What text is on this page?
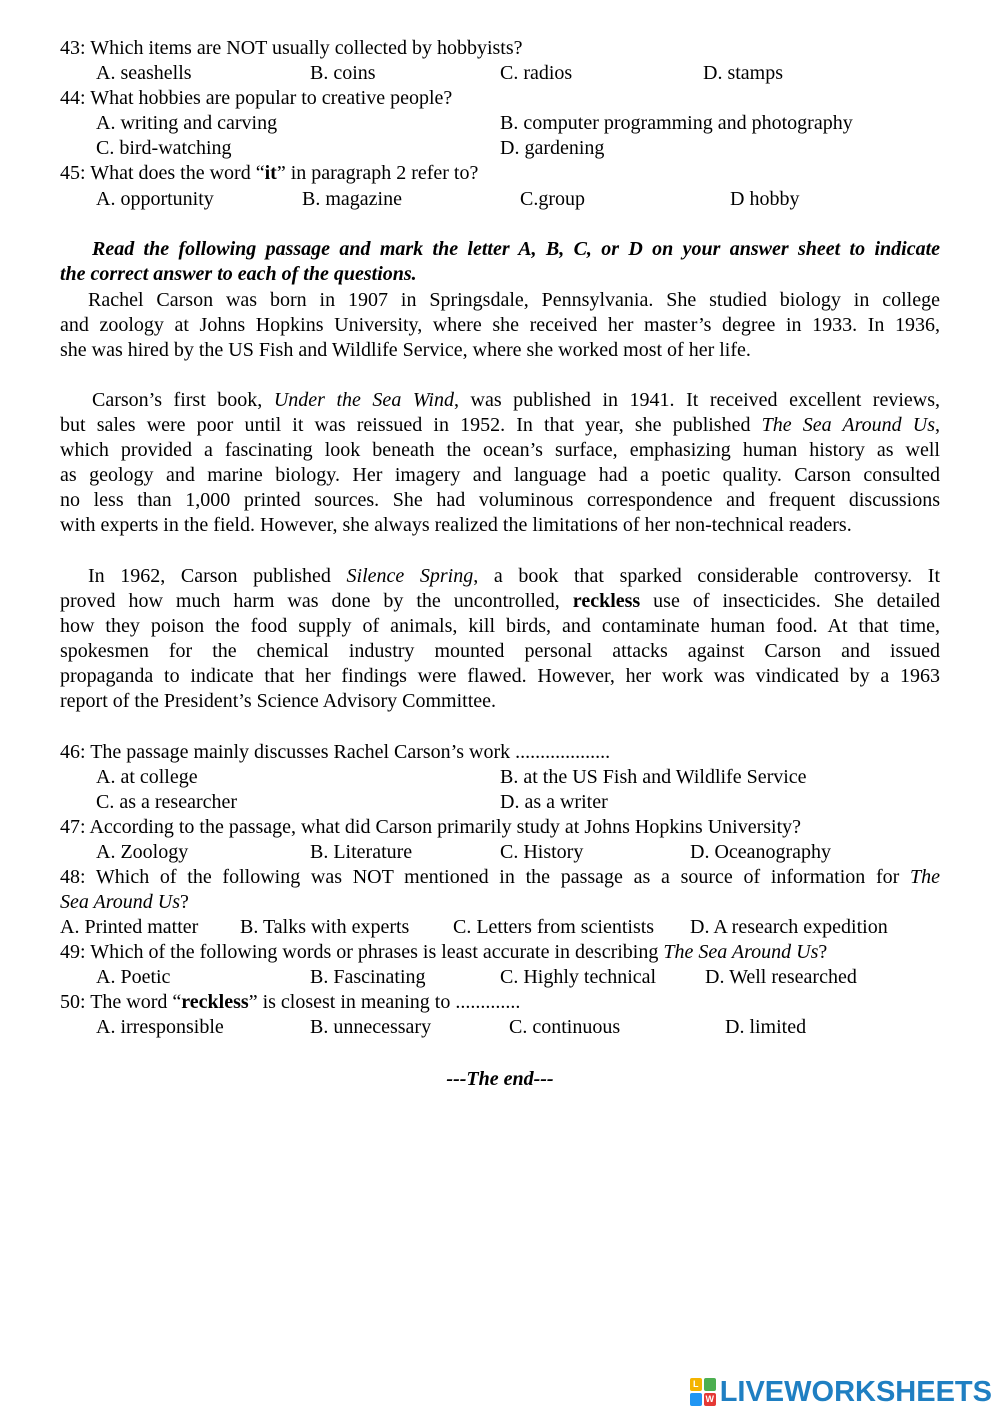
43: Which items are NOT usually collected by hobbyists?
A. seashells	B. coins	C. radios	D. stamps
44: What hobbies are popular to creative people?
A. writing and carving	B. computer programming and photography
C. bird-watching	D. gardening
45: What does the word “it” in paragraph 2 refer to?
A. opportunity	B. magazine	C.group	D hobby
Read the following passage and mark the letter A, B, C, or D on your answer sheet to indicate
the correct answer to each of the questions.
Rachel Carson was born in 1907 in Springsdale, Pennsylvania. She studied biology in college
and zoology at Johns Hopkins University, where she received her master’s degree in 1933. In 1936,
she was hired by the US Fish and Wildlife Service, where she worked most of her life.
Carson’s first book, Under the Sea Wind, was published in 1941. It received excellent reviews,
but sales were poor until it was reissued in 1952. In that year, she published The Sea Around Us,
which provided a fascinating look beneath the ocean’s surface, emphasizing human history as well
as geology and marine biology. Her imagery and language had a poetic quality. Carson consulted
no less than 1,000 printed sources. She had voluminous correspondence and frequent discussions
with experts in the field. However, she always realized the limitations of her non-technical readers.
In 1962, Carson published Silence Spring, a book that sparked considerable controversy. It
proved how much harm was done by the uncontrolled, reckless use of insecticides. She detailed
how they poison the food supply of animals, kill birds, and contaminate human food. At that time,
spokesmen for the chemical industry mounted personal attacks against Carson and issued
propaganda to indicate that her findings were flawed. However, her work was vindicated by a 1963
report of the President’s Science Advisory Committee.
46: The passage mainly discusses Rachel Carson’s work ...................
A. at college	B. at the US Fish and Wildlife Service
C. as a researcher	D. as a writer
47: According to the passage, what did Carson primarily study at Johns Hopkins University?
A. Zoology	B. Literature	C. History	D. Oceanography
48: Which of the following was NOT mentioned in the passage as a source of information for The
Sea Around Us?
A. Printed matter B. Talks with experts C. Letters from scientists D. A research expedition
49: Which of the following words or phrases is least accurate in describing The Sea Around Us?
A. Poetic	B. Fascinating	C. Highly technical D. Well researched
50: The word “reckless” is closest in meaning to .............
A. irresponsible	B. unnecessary	C. continuous	D. limited
---The end---
L
W LIVEWORKSHEETS
